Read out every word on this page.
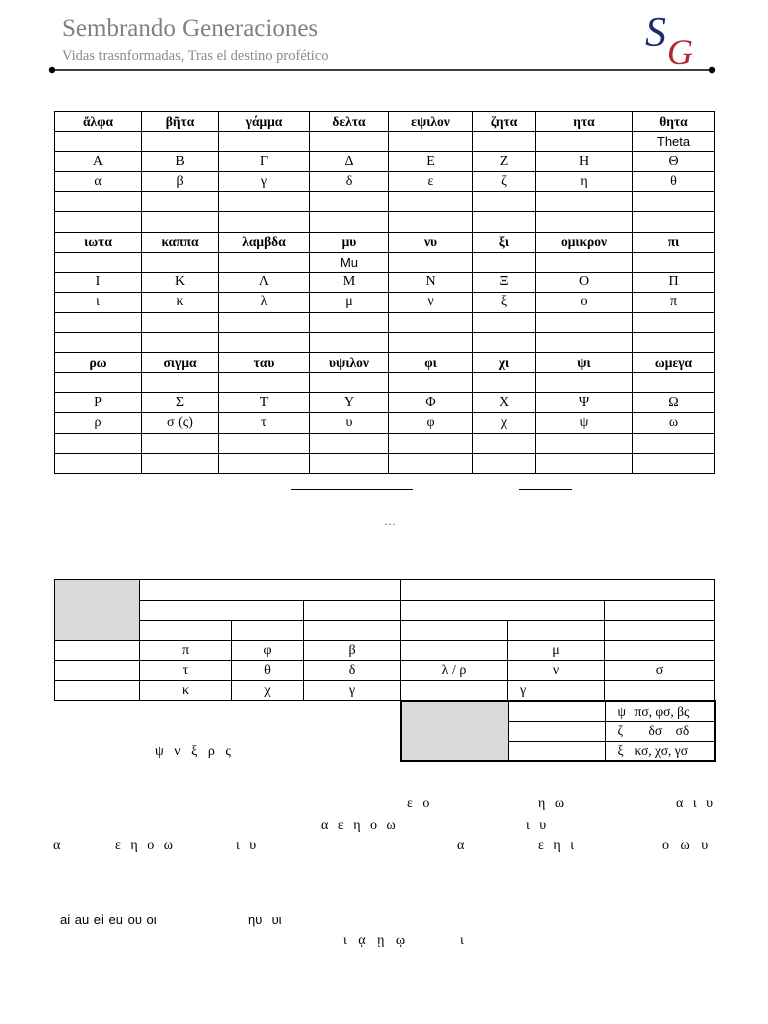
Sembrando Generaciones
Vidas trasnformadas, Tras el destino profético	S G
ἄλφα	βῆτα	γάμμα	δελτα	εψιλον	ζητα	ητα	θητα
							Theta
Α	Β	Γ	Δ	Ε	Ζ	Η	Θ
α	β	γ	δ	ε	ζ	η	θ

ιωτα	καππα	λαμβδα	μυ	νυ	ξι	ομικρον	πι
			Mu				
Ι	Κ	Λ	Μ	Ν	Ξ	Ο	Π
ι	κ	λ	μ	ν	ξ	ο	π

ρω	σιγμα	ταυ	υψιλον	φι	χι	ψι	ωμεγα

Ρ	Σ	Τ	Υ	Φ	Χ	Ψ	Ω
ρ	σ (ς)	τ	υ	φ	χ	ψ	ω

…

	π	φ	β		μ	
	τ	θ	δ	λ / ρ	ν	σ
	κ	χ	γ		γ	
		ψ πσ, φσ, βς
		ζ δσ    σδ
		ξ κσ, χσ, γσ
ψ ν ξ ρ ς
ε ο	η ω	α ι υ
α ε η ο ω	ι υ
α	ε η ο ω	ι υ	α	ε η ι	ο ω υ
ai au ei eu ου οι	ηυ  υι
ι ᾳ ῃ ῳ	ι
